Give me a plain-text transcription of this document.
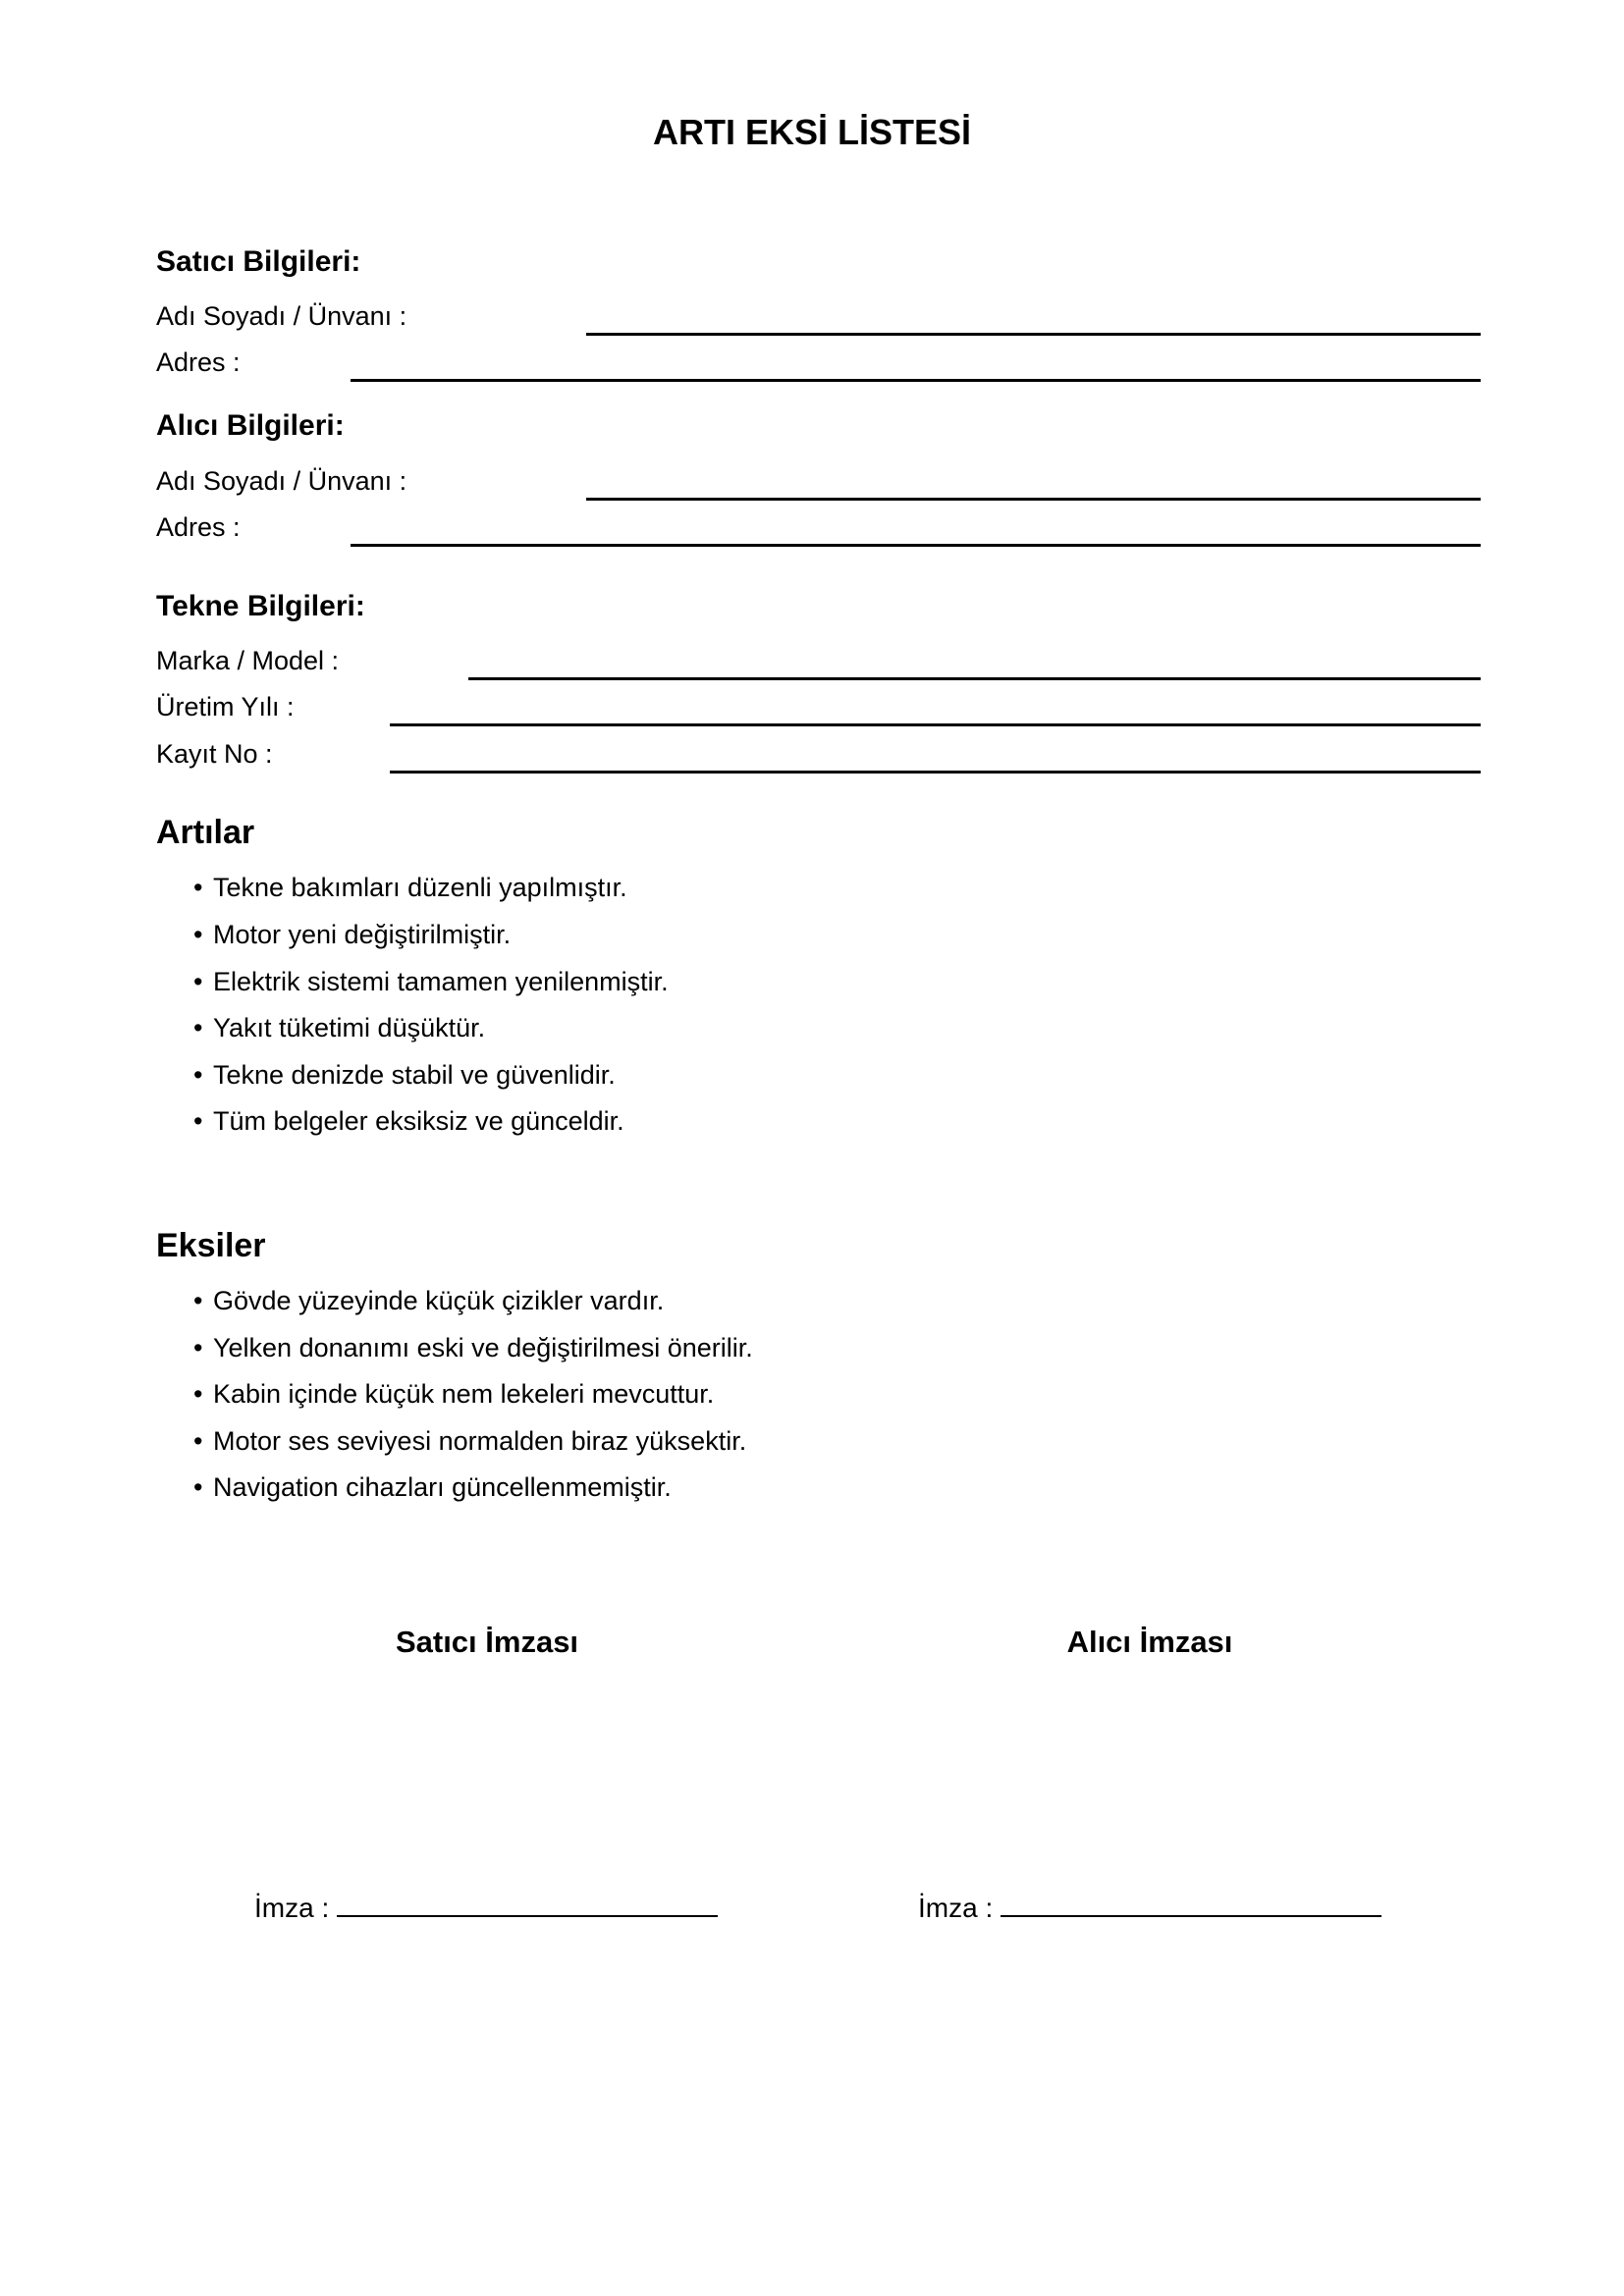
ARTI EKSİ LİSTESİ
Satıcı Bilgileri:
Adı Soyadı / Ünvanı :
Adres :
Alıcı Bilgileri:
Adı Soyadı / Ünvanı :
Adres :
Tekne Bilgileri:
Marka / Model :
Üretim Yılı :
Kayıt No :
Artılar
• Tekne bakımları düzenli yapılmıştır.
• Motor yeni değiştirilmiştir.
• Elektrik sistemi tamamen yenilenmiştir.
• Yakıt tüketimi düşüktür.
• Tekne denizde stabil ve güvenlidir.
• Tüm belgeler eksiksiz ve günceldir.
Eksiler
• Gövde yüzeyinde küçük çizikler vardır.
• Yelken donanımı eski ve değiştirilmesi önerilir.
• Kabin içinde küçük nem lekeleri mevcuttur.
• Motor ses seviyesi normalden biraz yüksektir.
• Navigation cihazları güncellenmemiştir.
Satıcı İmzası	Alıcı İmzası
İmza :	İmza :
